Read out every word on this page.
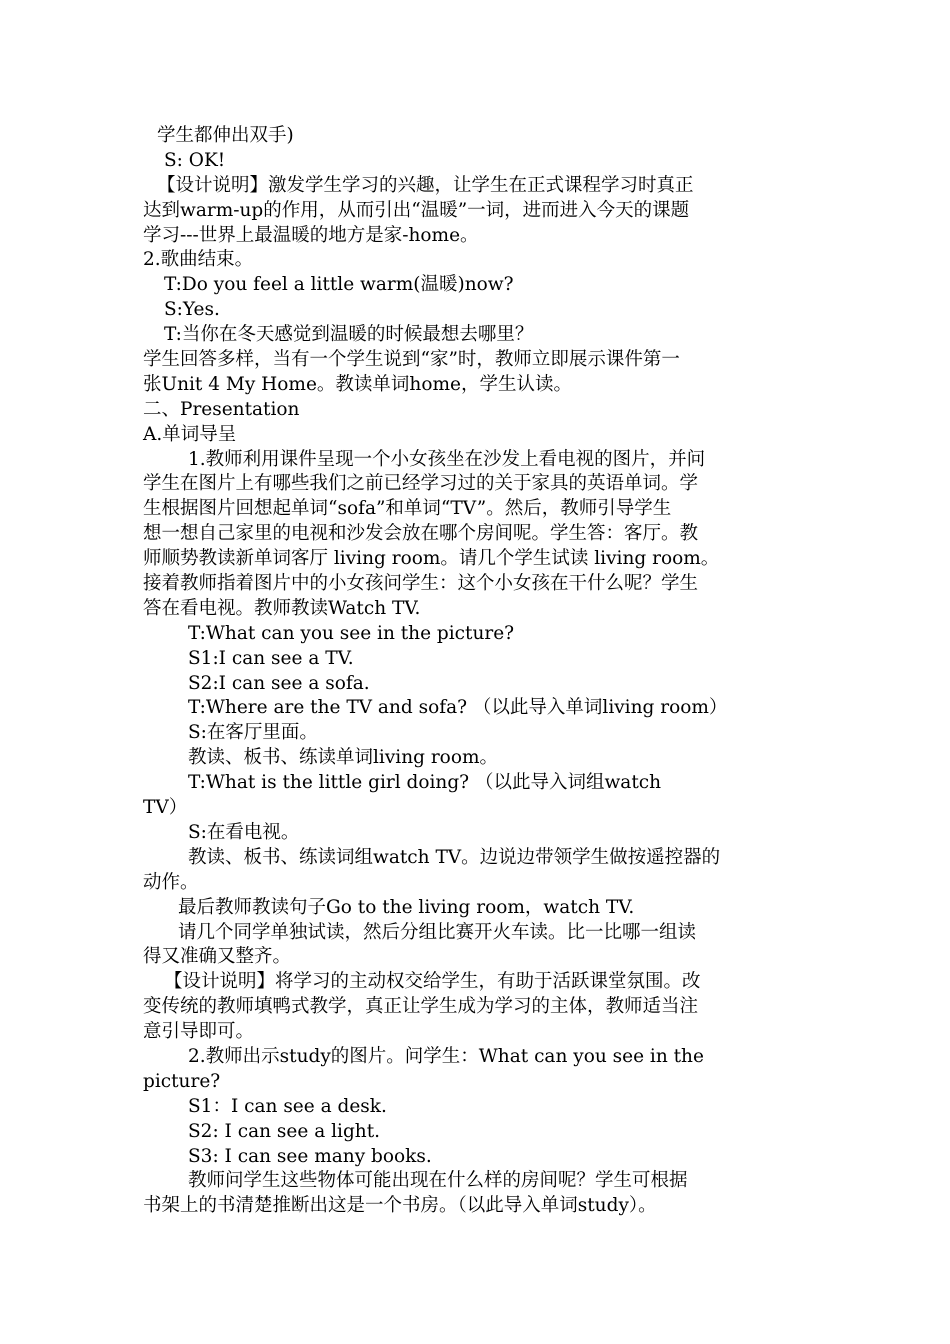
学生都伸出双手)
S: OK!
【设计说明】激发学生学习的兴趣，让学生在正式课程学习时真正
达到warm-up的作用，从而引出“温暖”一词，进而进入今天的课题
学习---世界上最温暖的地方是家-home。
2.歌曲结束。
T:Do you feel a little warm(温暖)now?
S:Yes.
T:当你在冬天感觉到温暖的时候最想去哪里？
学生回答多样，当有一个学生说到“家”时，教师立即展示课件第一
张Unit 4 My Home。教读单词home，学生认读。
二、Presentation
A.单词导呈
1.教师利用课件呈现一个小女孩坐在沙发上看电视的图片，并问
学生在图片上有哪些我们之前已经学习过的关于家具的英语单词。学
生根据图片回想起单词“sofa”和单词“TV”。然后，教师引导学生
想一想自己家里的电视和沙发会放在哪个房间呢。学生答：客厅。教
师顺势教读新单词客厅 living room。请几个学生试读 living room。
接着教师指着图片中的小女孩问学生：这个小女孩在干什么呢？学生
答在看电视。教师教读Watch TV.
T:What can you see in the picture?
S1:I can see a TV.
S2:I can see a sofa.
T:Where are the TV and sofa? （以此导入单词living room）
S:在客厅里面。
教读、板书、练读单词living room。
T:What is the little girl doing? （以此导入词组watch
TV）
S:在看电视。
教读、板书、练读词组watch TV。边说边带领学生做按遥控器的
动作。
最后教师教读句子Go to the living room，watch TV.
请几个同学单独试读，然后分组比赛开火车读。比一比哪一组读
得又准确又整齐。
【设计说明】将学习的主动权交给学生，有助于活跃课堂氛围。改
变传统的教师填鸭式教学，真正让学生成为学习的主体，教师适当注
意引导即可。
2.教师出示study的图片。问学生：What can you see in the
picture?
S1：I can see a desk.
S2: I can see a light.
S3: I can see many books.
教师问学生这些物体可能出现在什么样的房间呢？学生可根据
书架上的书清楚推断出这是一个书房。（以此导入单词study）。
